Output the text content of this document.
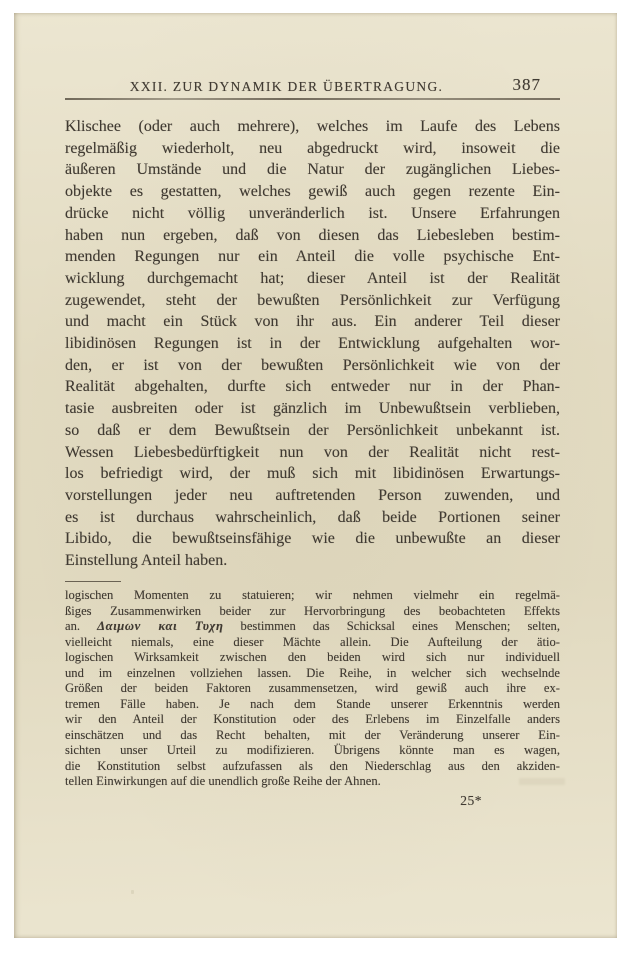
XXII. ZUR DYNAMIK DER ÜBERTRAGUNG.	387
Klischee (oder auch mehrere), welches im Laufe des Lebens
regelmäßig wiederholt, neu abgedruckt wird, insoweit die
äußeren Umstände und die Natur der zugänglichen Liebes-
objekte es gestatten, welches gewiß auch gegen rezente Ein-
drücke nicht völlig unveränderlich ist. Unsere Erfahrungen
haben nun ergeben, daß von diesen das Liebesleben bestim-
menden Regungen nur ein Anteil die volle psychische Ent-
wicklung durchgemacht hat; dieser Anteil ist der Realität
zugewendet, steht der bewußten Persönlichkeit zur Verfügung
und macht ein Stück von ihr aus. Ein anderer Teil dieser
libidinösen Regungen ist in der Entwicklung aufgehalten wor-
den, er ist von der bewußten Persönlichkeit wie von der
Realität abgehalten, durfte sich entweder nur in der Phan-
tasie ausbreiten oder ist gänzlich im Unbewußtsein verblieben,
so daß er dem Bewußtsein der Persönlichkeit unbekannt ist.
Wessen Liebesbedürftigkeit nun von der Realität nicht rest-
los befriedigt wird, der muß sich mit libidinösen Erwartungs-
vorstellungen jeder neu auftretenden Person zuwenden, und
es ist durchaus wahrscheinlich, daß beide Portionen seiner
Libido, die bewußtseinsfähige wie die unbewußte an dieser
Einstellung Anteil haben.
logischen Momenten zu statuieren; wir nehmen vielmehr ein regelmä-
ßiges Zusammenwirken beider zur Hervorbringung des beobachteten Effekts
an. Δαιμων και Τυχη bestimmen das Schicksal eines Menschen; selten,
vielleicht niemals, eine dieser Mächte allein. Die Aufteilung der ätio-
logischen Wirksamkeit zwischen den beiden wird sich nur individuell
und im einzelnen vollziehen lassen. Die Reihe, in welcher sich wechselnde
Größen der beiden Faktoren zusammensetzen, wird gewiß auch ihre ex-
tremen Fälle haben. Je nach dem Stande unserer Erkenntnis werden
wir den Anteil der Konstitution oder des Erlebens im Einzelfalle anders
einschätzen und das Recht behalten, mit der Veränderung unserer Ein-
sichten unser Urteil zu modifizieren. Übrigens könnte man es wagen,
die Konstitution selbst aufzufassen als den Niederschlag aus den akziden-
tellen Einwirkungen auf die unendlich große Reihe der Ahnen.
25*
